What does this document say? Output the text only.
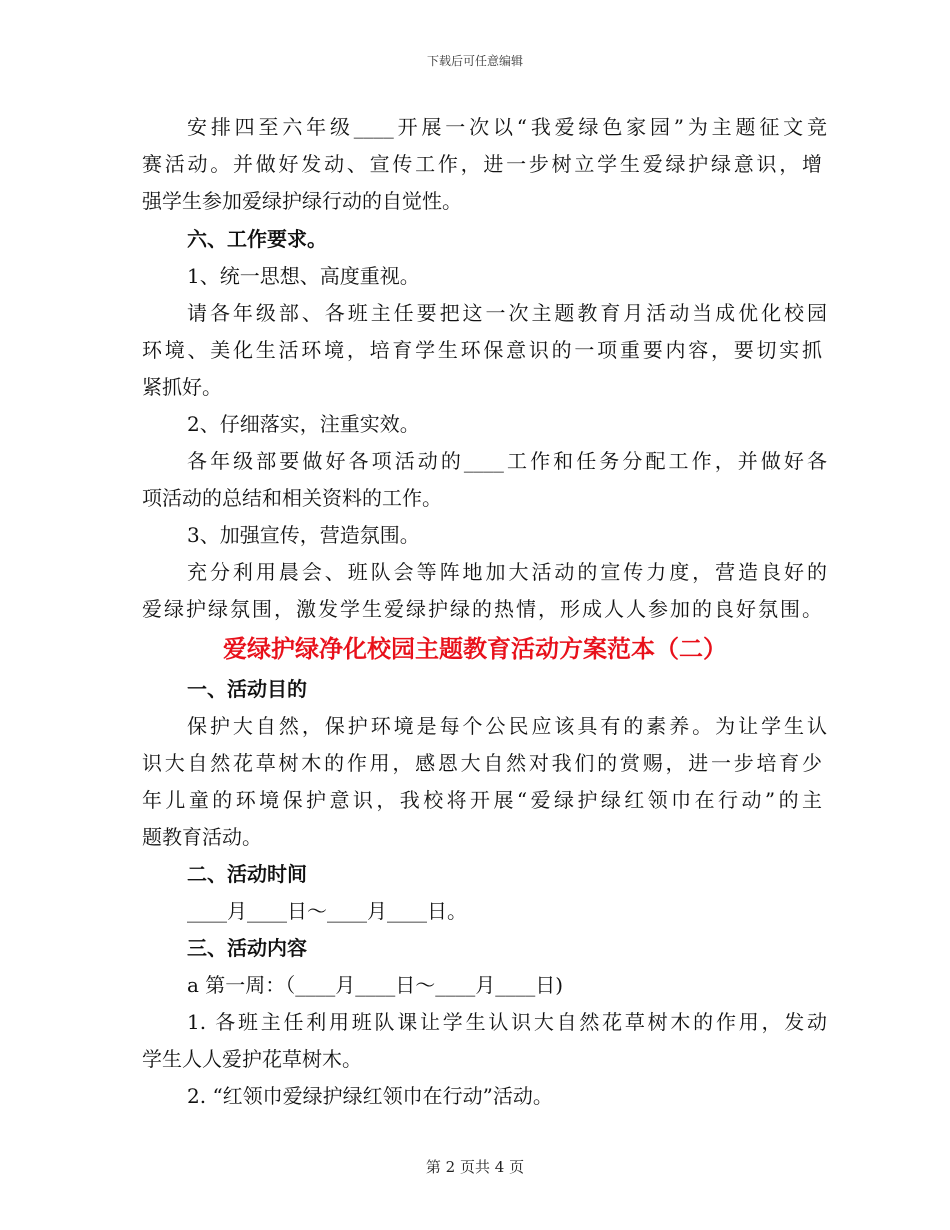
下载后可任意编辑
安排四至六年级____开展一次以“我爱绿色家园”为主题征文竞
赛活动。并做好发动、宣传工作，进一步树立学生爱绿护绿意识，增
强学生参加爱绿护绿行动的自觉性。
六、工作要求。
1、统一思想、高度重视。
请各年级部、各班主任要把这一次主题教育月活动当成优化校园
环境、美化生活环境，培育学生环保意识的一项重要内容，要切实抓
紧抓好。
2、仔细落实，注重实效。
各年级部要做好各项活动的____工作和任务分配工作，并做好各
项活动的总结和相关资料的工作。
3、加强宣传，营造氛围。
充分利用晨会、班队会等阵地加大活动的宣传力度，营造良好的
爱绿护绿氛围，激发学生爱绿护绿的热情，形成人人参加的良好氛围。
爱绿护绿净化校园主题教育活动方案范本（二）
一、活动目的
保护大自然，保护环境是每个公民应该具有的素养。为让学生认
识大自然花草树木的作用，感恩大自然对我们的赏赐，进一步培育少
年儿童的环境保护意识，我校将开展“爱绿护绿红领巾在行动”的主
题教育活动。
二、活动时间
____月____日～____月____日。
三、活动内容
a 第一周：（____月____日～____月____日)
1. 各班主任利用班队课让学生认识大自然花草树木的作用，发动
学生人人爱护花草树木。
2. “红领巾爱绿护绿红领巾在行动”活动。
第 2 页共 4 页
